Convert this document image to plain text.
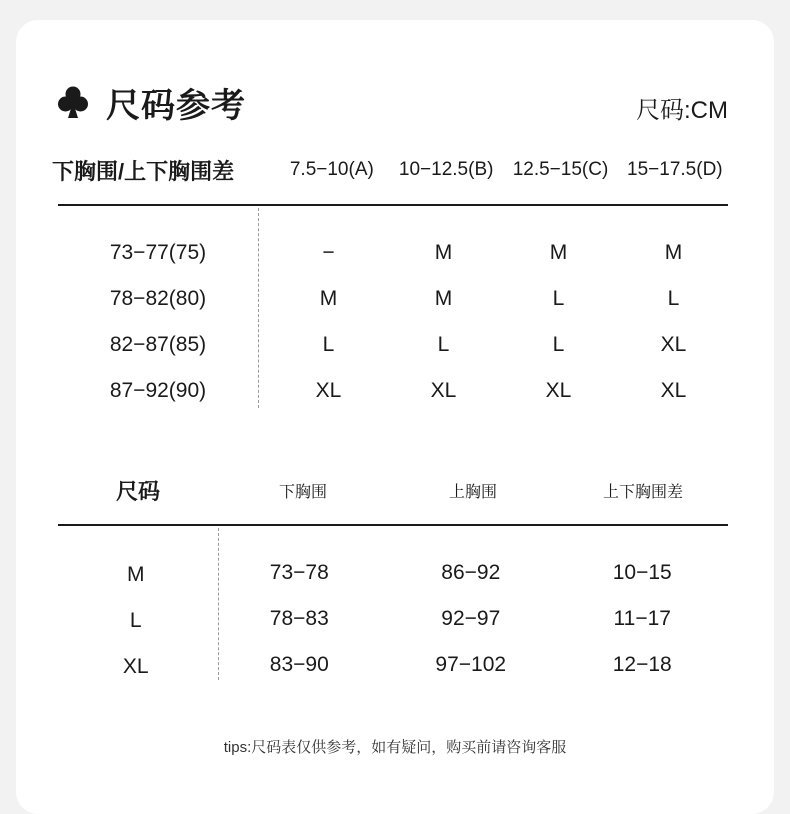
尺码参考	尺码:CM
下胸围/上下胸围差	7.5−10(A)	10−12.5(B)	12.5−15(C) 15−17.5(D)
73−77(75)	−	M	M	M
78−82(80)	M	M	L	L
82−87(85)	L	L	L	XL
87−92(90)	XL	XL	XL	XL
尺码	下胸围	上胸围	上下胸围差
M	73−78	86−92	10−15
L	78−83	92−97	11−17
XL	83−90	97−102	12−18
tips:尺码表仅供参考，如有疑问，购买前请咨询客服
